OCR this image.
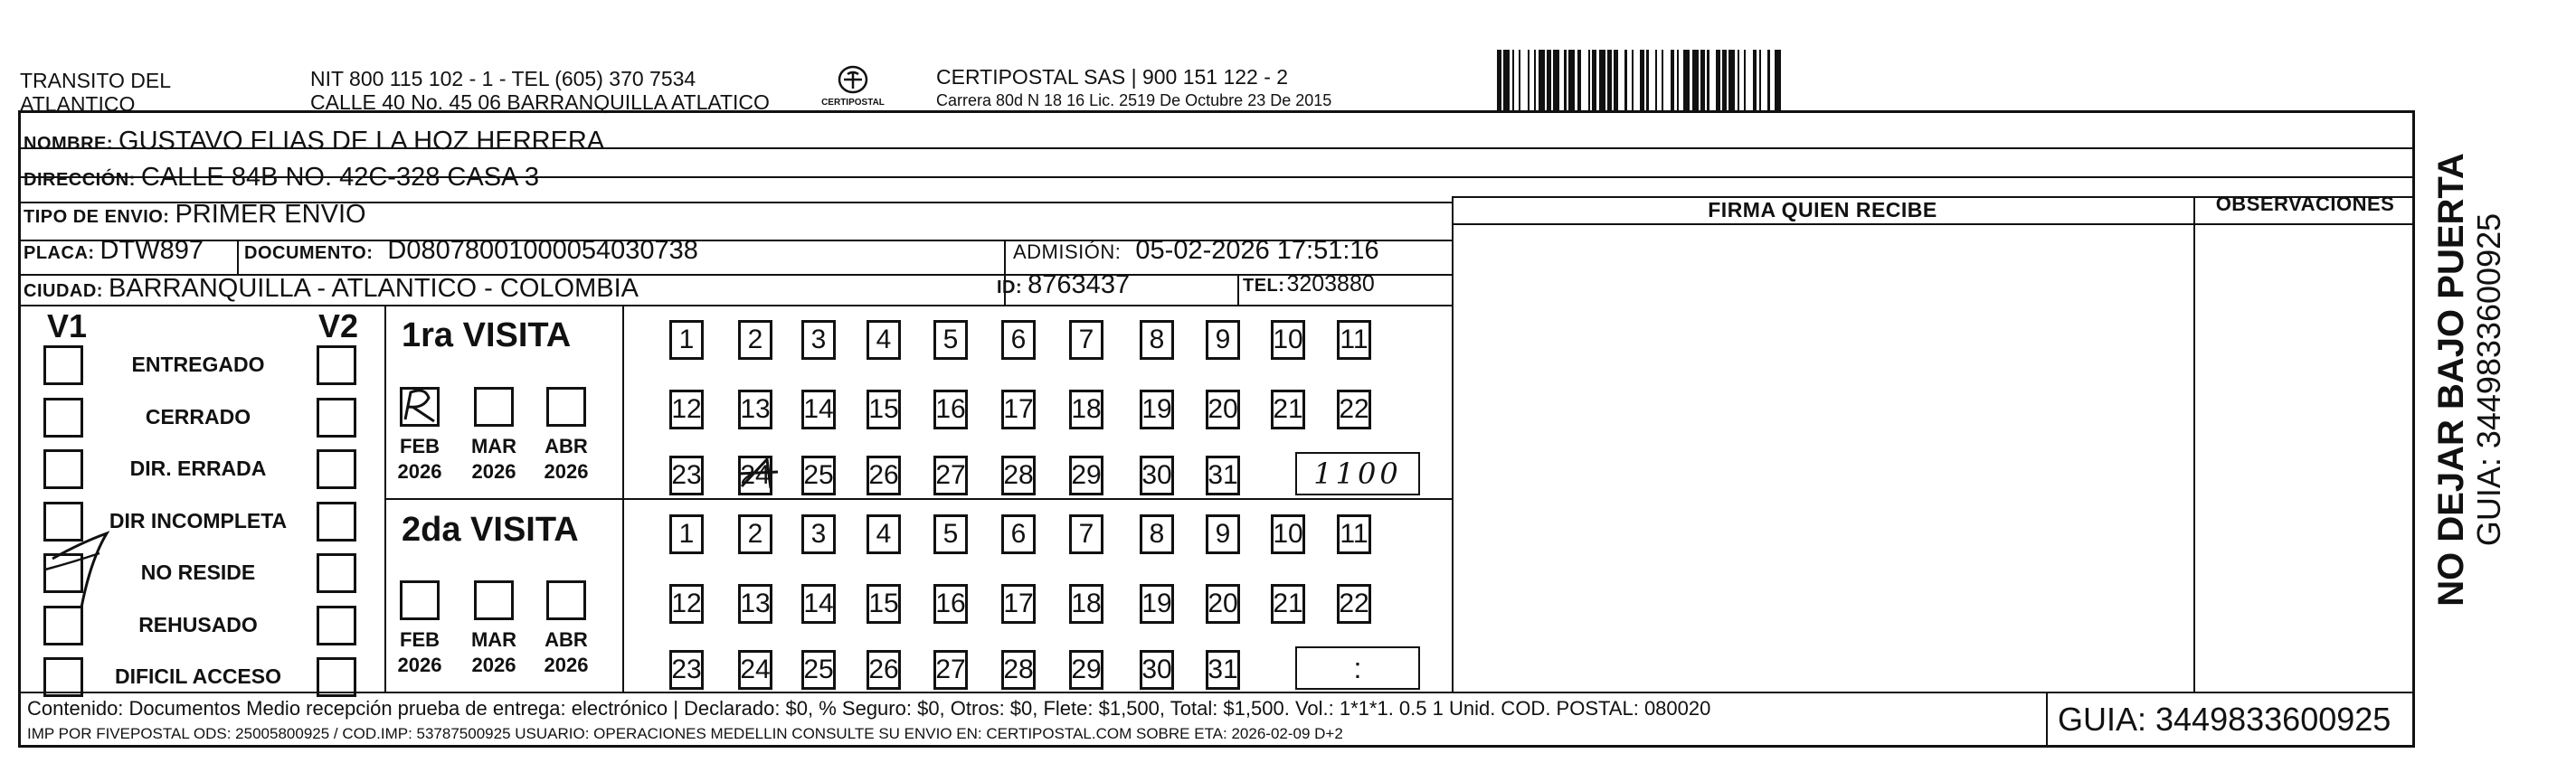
TRANSITO DEL
ATLANTICO
NIT 800 115 102 - 1 - TEL (605) 370 7534
CALLE 40 No. 45 06 BARRANQUILLA ATLATICO	CERTIPOSTAL
CERTIPOSTAL SAS | 900 151 122 - 2
Carrera 80d N 18 16 Lic. 2519 De Octubre 23 De 2015
NOMBRE: GUSTAVO ELIAS DE LA HOZ HERRERA
DIRECCIÓN: CALLE 84B NO. 42C-328 CASA 3
TIPO DE ENVIO: PRIMER ENVIO
PLACA: DTW897 DOCUMENTO: D08078001000054030738	ADMISIÓN: 05-02-2026 17:51:16
CIUDAD: BARRANQUILLA - ATLANTICO - COLOMBIA	ID: 8763437	TEL: 3203880
FIRMA QUIEN RECIBE	OBSERVACIONES
V1	V2 1ra VISITA
2da VISITA
Contenido: Documentos Medio recepción prueba de entrega: electrónico | Declarado: $0, % Seguro: $0, Otros: $0, Flete: $1,500, Total: $1,500. Vol.: 1*1*1. 0.5 1 Unid. COD. POSTAL: 080020
IMP POR FIVEPOSTAL ODS: 25005800925 / COD.IMP: 53787500925 USUARIO: OPERACIONES MEDELLIN CONSULTE SU ENVIO EN: CERTIPOSTAL.COM SOBRE ETA: 2026-02-09 D+2	GUIA: 3449833600925
NO DEJAR BAJO PUERTA GUIA: 3449833600925
ENTREGADO
CERRADO
DIR. ERRADA
DIR INCOMPLETA
NO RESIDE
REHUSADO
DIFICIL ACCESO
1 2 3 4 5 6 7 8 9 10 11
12 13 14 15 16 17 18 19 20 21 22
23 24 25 26 27 28 29 30 31	1100
1 2 3 4 5 6 7 8 9 10 11
12 13 14 15 16 17 18 19 20 21 22
23 24 25 26 27 28 29 30 31	:
FEB
2026
MAR
2026
ABR
2026
FEB
2026
MAR
2026
ABR
2026
